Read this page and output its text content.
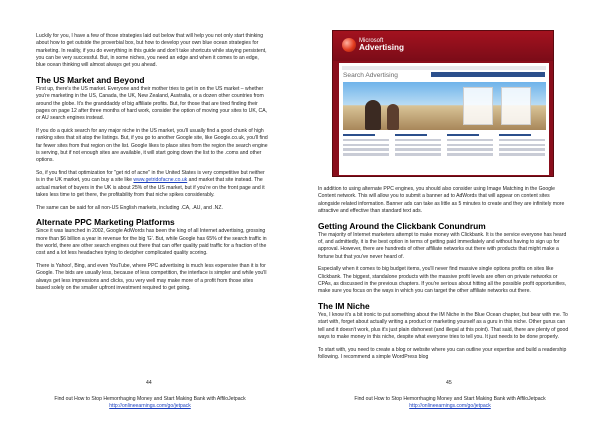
Luckily for you, I have a few of those strategies laid out below that will help you not only start thinking about how to get outside the proverbial box, but how to develop your own blue ocean strategies for marketing. In reality, if you do everything in this guide and don't take shortcuts while staying persistent, you can be very successful. But, in some niches, you need an edge and when it comes to an edge, blue ocean thinking will almost always get you ahead.

The US Market and Beyond

First up, there's the US market. Everyone and their mother tries to get in on the US market – whether you're marketing in the US, Canada, the UK, New Zealand, Australia, or a dozen other countries from around the globe. It's the granddaddy of big affiliate profits. But, for those that are tired finding their pages on page 12 after three months of hard work, consider the option of moving your sites to UK, CA, or AU search engines instead.

If you do a quick search for any major niche in the US market, you'll usually find a good chunk of high ranking sites that sit atop the listings. But, if you go to another Google site, like Google.co.uk, you'll find far fewer sites from that region on the list. Google likes to place sites from the region the search engine is serving, but if not enough sites are available, it will start going down the list to the .coms and other options.

So, if you find that optimization for "get rid of acne" in the United States is very competitive but neither is in the UK market, you can buy a site like www.getridofacne.co.uk and market that site instead. The actual market of buyers in the UK is about 25% of the US market, but if you're on the front page and it takes less time to get there, the profitability from that niche spikes considerably.

The same can be said for all non-US English markets, including .CA, .AU, and .NZ.

Alternate PPC Marketing Platforms

Since it was launched in 2002, Google AdWords has been the king of all Internet advertising, grossing more than $6 billion a year in revenue for the big 'G'. But, while Google has 65% of the search traffic in the world, there are other search engines out there that can offer quality paid traffic for a fraction of the cost and a lot less headaches trying to decipher complicated quality scoring.

There is Yahoo!, Bing, and even YouTube, where PPC advertising is much less expensive than it is for Google. The bids are usually less, because of less competition, the interface is simpler and while you'll always get less impressions and clicks, you very well may make more of a profit from those sites based solely on the smaller upfront investment required to get going.

44
Find out How to Stop Hemorrhaging Money and Start Making Bank with AffiloJetpack
http://onlineearnings.com/go/jetpack
Microsoft
Advertising
Search Advertising

In addition to using alternate PPC engines, you should also consider using Image Matching in the Google Content network. This will allow you to submit a banner ad to AdWords that will appear on content sites alongside related information. Banner ads can take as little as 5 minutes to create and they are infinitely more attractive and effective than standard text ads.

Getting Around the Clickbank Conundrum

The majority of Internet marketers attempt to make money with Clickbank. It is the service everyone has heard of, and admittedly, it is the best option in terms of getting paid immediately and without having to sign up for approval. However, there are hundreds of other affiliate networks out there with products that might make a fortune but that you've never heard of.

Especially when it comes to big budget items, you'll never find massive single options profits on sites like Clickbank. The biggest, standalone products with the massive profit levels are often on private networks or CPAs, as discussed in the previous chapters. If you're serious about hitting all the possible profit opportunities, make sure you focus on the ways in which you can target the other affiliate networks out there.

The IM Niche

Yes, I know it's a bit ironic to put something about the IM Niche in the Blue Ocean chapter, but bear with me. To start with, forget about actually writing a product or marketing yourself as a guru in this niche. Other gurus can tell and it doesn't work, plus it's just plain dishonest (and illegal at this point). That said, there are plenty of good ways to make money in this niche, despite what everyone tries to tell you. It just needs to be done properly.

To start with, you need to create a blog or website where you can outline your expertise and build a readership following. I recommend a simple WordPress blog

45
Find out How to Stop Hemorrhaging Money and Start Making Bank with AffiloJetpack
http://onlineearnings.com/go/jetpack
